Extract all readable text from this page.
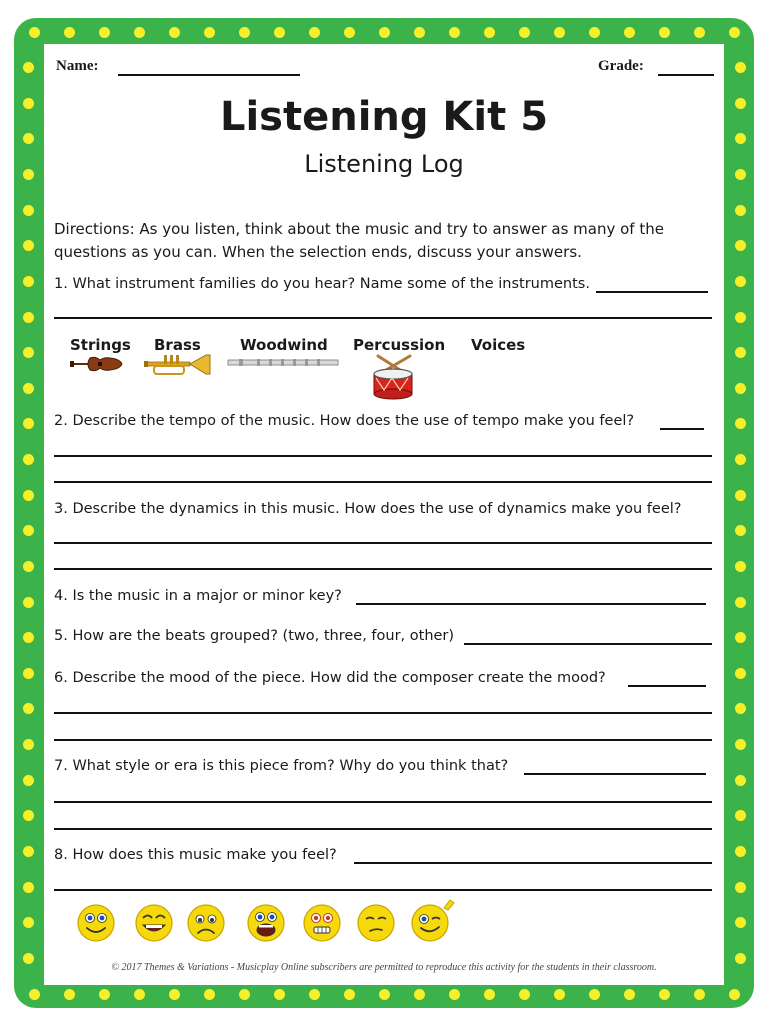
Name:	Grade:
Listening Kit 5
Listening Log
Directions: As you listen, think about the music and try to answer as many of the
questions as you can. When the selection ends, discuss your answers.
1. What instrument families do you hear? Name some of the instruments.
Strings Brass	Woodwind Percussion Voices
2. Describe the tempo of the music. How does the use of tempo make you feel?
3. Describe the dynamics in this music. How does the use of dynamics make you feel?
4. Is the music in a major or minor key?
5. How are the beats grouped? (two, three, four, other)
6. Describe the mood of the piece. How did the composer create the mood?
7. What style or era is this piece from? Why do you think that?
8. How does this music make you feel?
© 2017 Themes & Variations - Musicplay Online subscribers are permitted to reproduce this activity for the students in their classroom.
